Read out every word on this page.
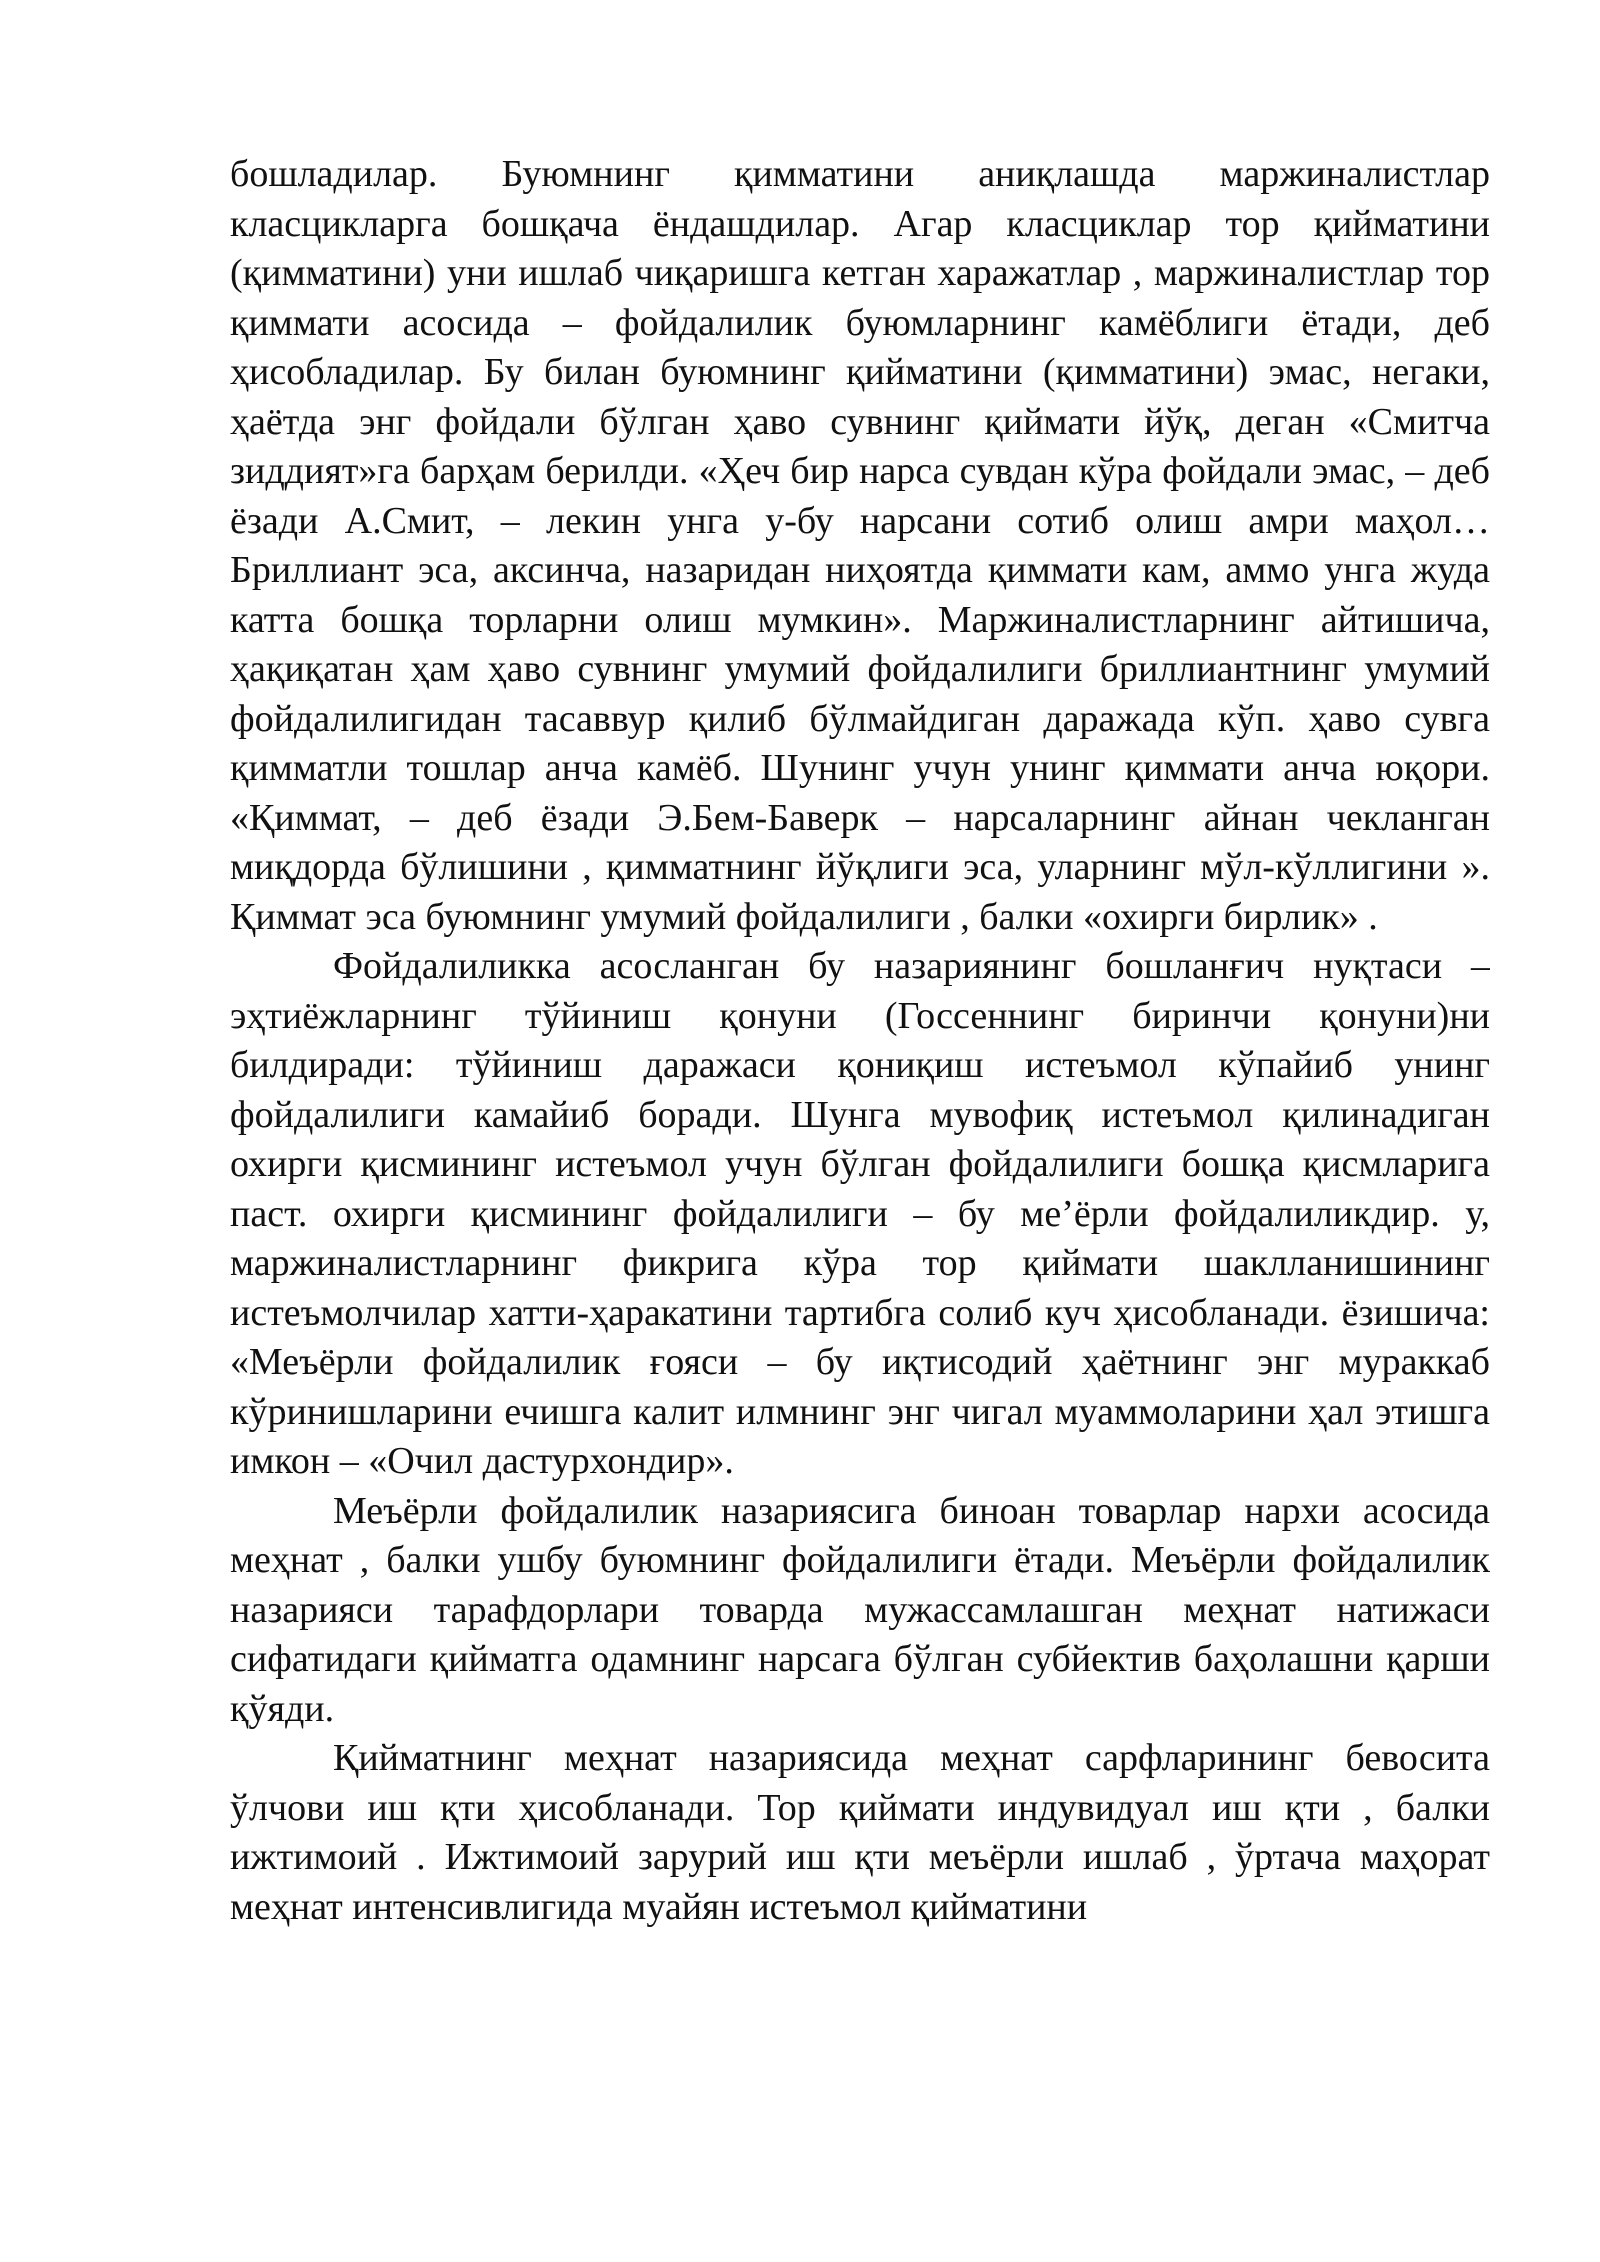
бошладилар. Буюмнинг қимматини аниқлашда маржиналистлар класцикларга бошқача ёндашдилар. Агар класциклар тор қийматини (қимматини) уни ишлаб чиқаришга кетган харажатлар , маржиналистлар тор қиммати асосида – фойдалилик буюмларнинг камёблиги ётади, деб ҳисобладилар. Бу билан буюмнинг қийматини (қимматини) эмас, негаки, ҳаётда энг фойдали бўлган ҳаво сувнинг қиймати йўқ, деган «Смитча зиддият»га барҳам берилди. «Ҳеч бир нарса сувдан кўра фойдали эмас, – деб ёзади А.Смит, – лекин унга у-бу нарсани сотиб олиш амри маҳол… Бриллиант эса, аксинча, назаридан ниҳоятда қиммати кам, аммо унга жуда катта бошқа торларни олиш мумкин». Маржиналистларнинг айтишича, ҳақиқатан ҳам ҳаво сувнинг умумий фойдалилиги бриллиантнинг умумий фойдалилигидан тасаввур қилиб бўлмайдиган даражада кўп. ҳаво сувга қимматли тошлар анча камёб. Шунинг учун унинг қиммати анча юқори. «Қиммат, – деб ёзади Э.Бем-Баверк – нарсаларнинг айнан чекланган миқдорда бўлишини , қимматнинг йўқлиги эса, уларнинг мўл-кўллигини ». Қиммат эса буюмнинг умумий фойдалилиги , балки «охирги бирлик» .

Фойдалиликка асосланган бу назариянинг бошланғич нуқтаси – эҳтиёжларнинг тўйиниш қонуни (Госсеннинг биринчи қонуни)ни билдиради: тўйиниш даражаси қониқиш истеъмол кўпайиб унинг фойдалилиги камайиб боради. Шунга мувофиқ истеъмол қилинадиган охирги қисмининг истеъмол учун бўлган фойдалилиги бошқа қисмларига паст. охирги қисмининг фойдалилиги – бу ме’ёрли фойдалиликдир. у, маржиналистларнинг фикрига кўра тор қиймати шаклланишининг истеъмолчилар хатти-ҳаракатини тартибга солиб куч ҳисобланади. ёзишича: «Меъёрли фойдалилик ғояси – бу иқтисодий ҳаётнинг энг мураккаб кўринишларини ечишга калит илмнинг энг чигал муаммоларини ҳал этишга имкон – «Очил дастурхондир».

Меъёрли фойдалилик назариясига биноан товарлар нархи асосида меҳнат , балки ушбу буюмнинг фойдалилиги ётади. Меъёрли фойдалилик назарияси тарафдорлари товарда мужассамлашган меҳнат натижаси сифатидаги қийматга одамнинг нарсага бўлган субйектив баҳолашни қарши қўяди.

Қийматнинг меҳнат назариясида меҳнат сарфларининг бевосита ўлчови иш қти ҳисобланади. Тор қиймати индувидуал иш қти , балки ижтимоий . Ижтимоий зарурий иш қти меъёрли ишлаб , ўртача маҳорат меҳнат интенсивлигида муайян истеъмол қийматини
